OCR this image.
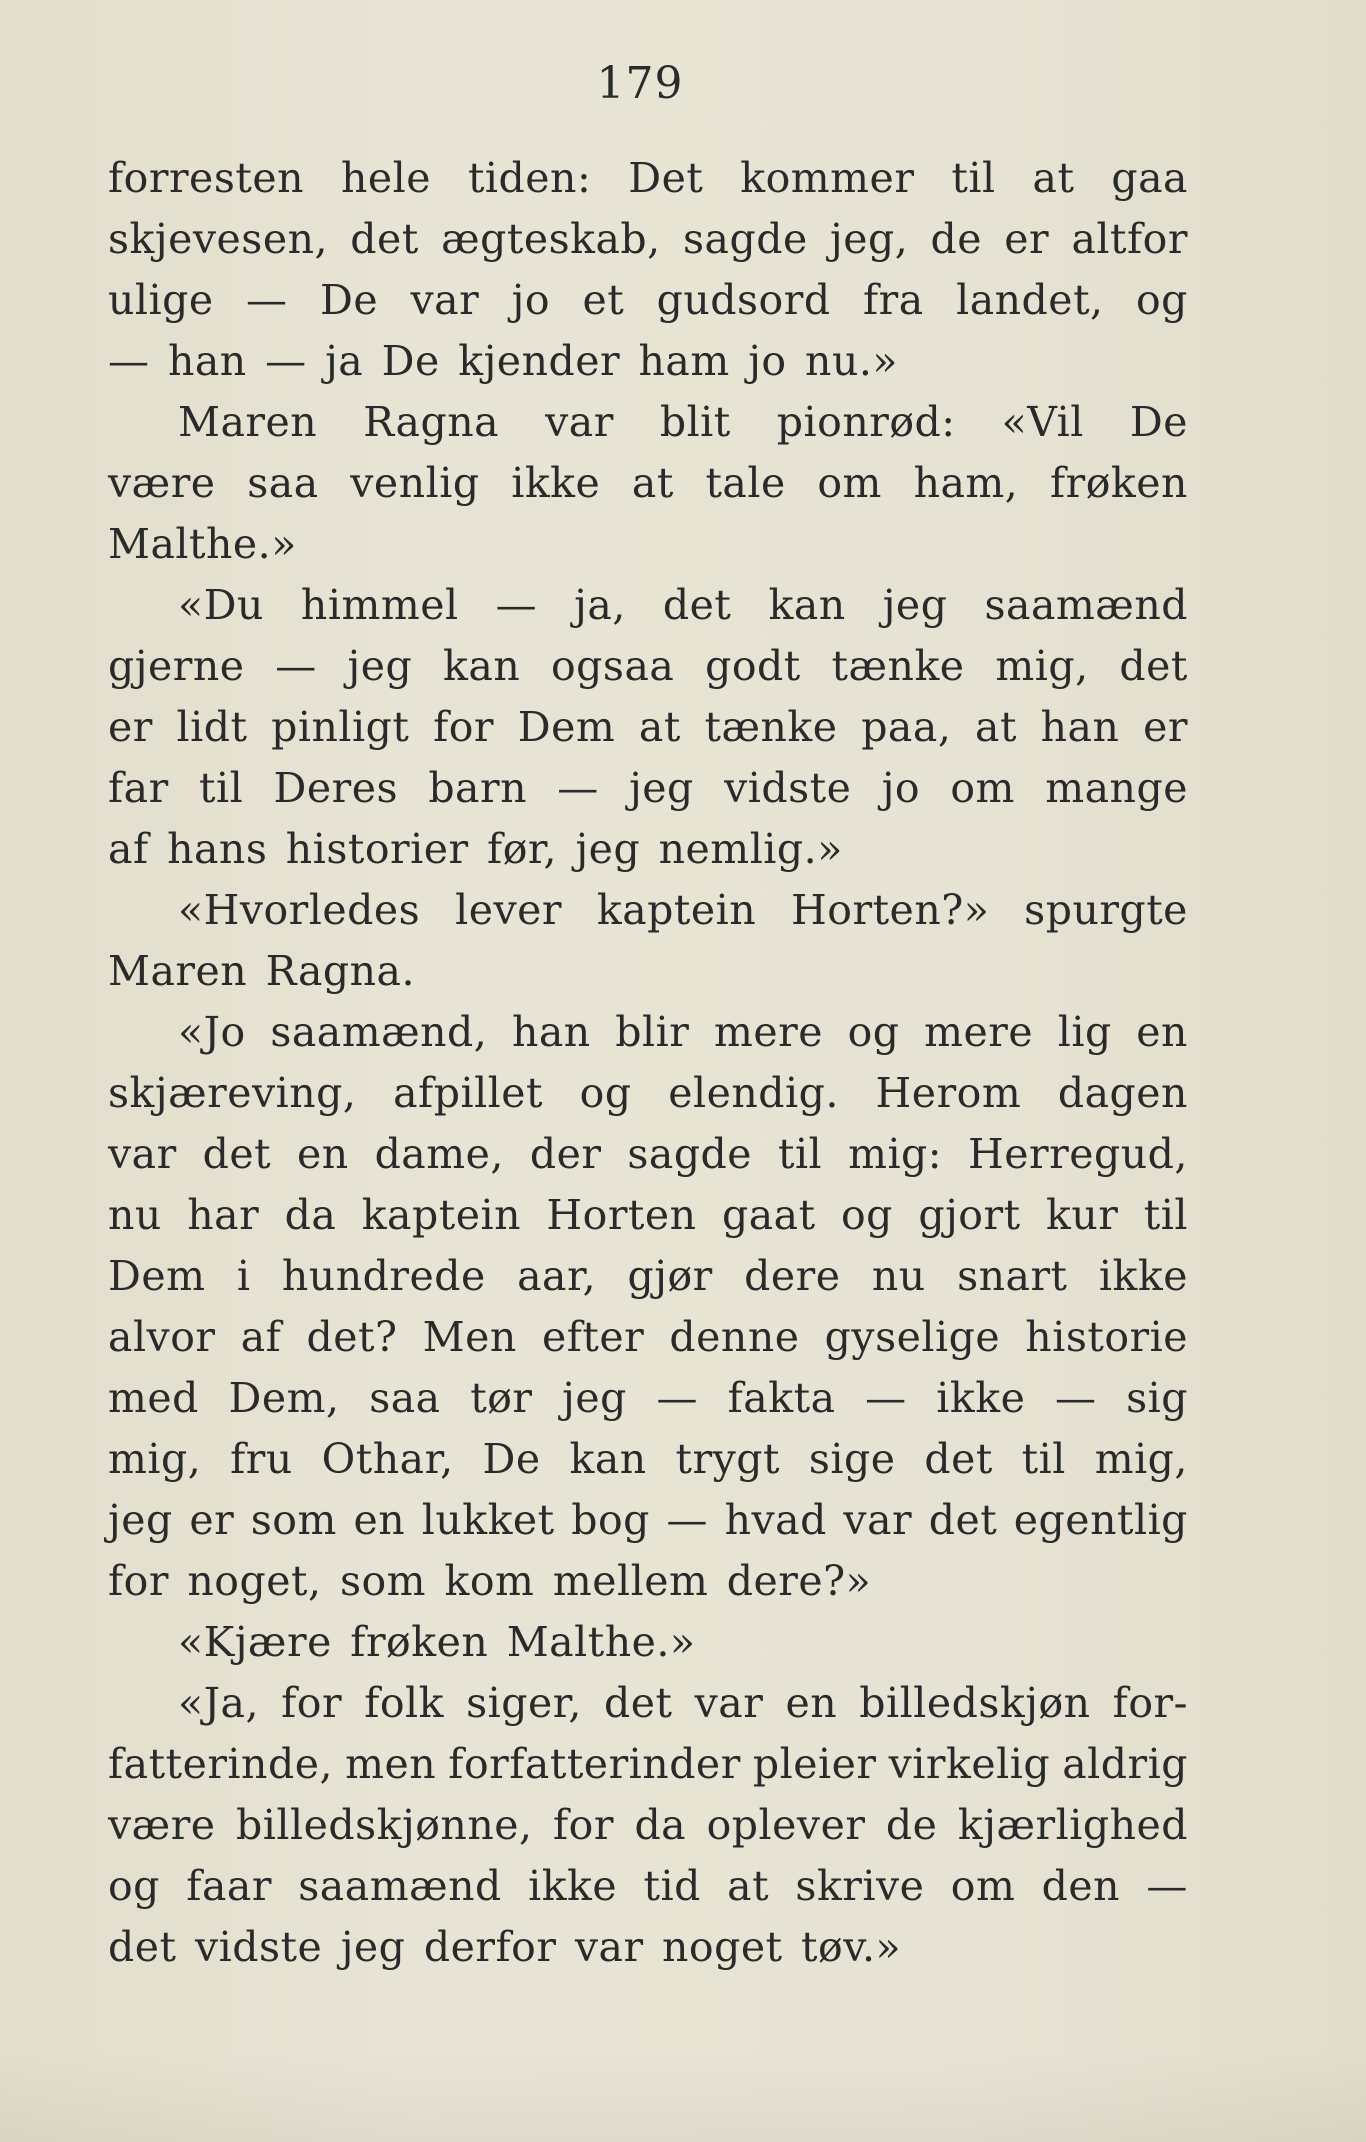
179
forresten hele tiden: Det kommer til at gaa
skjevesen, det ægteskab, sagde jeg, de er altfor
ulige — De var jo et gudsord fra landet, og
— han — ja De kjender ham jo nu.»
Maren Ragna var blit pionrød: «Vil De
være saa venlig ikke at tale om ham, frøken
Malthe.»
«Du himmel — ja, det kan jeg saamænd
gjerne — jeg kan ogsaa godt tænke mig, det
er lidt pinligt for Dem at tænke paa, at han er
far til Deres barn — jeg vidste jo om mange
af hans historier før, jeg nemlig.»
«Hvorledes lever kaptein Horten?» spurgte
Maren Ragna.
«Jo saamænd, han blir mere og mere lig en
skjæreving, afpillet og elendig. Herom dagen
var det en dame, der sagde til mig: Herregud,
nu har da kaptein Horten gaat og gjort kur til
Dem i hundrede aar, gjør dere nu snart ikke
alvor af det? Men efter denne gyselige historie
med Dem, saa tør jeg — fakta — ikke — sig
mig, fru Othar, De kan trygt sige det til mig,
jeg er som en lukket bog — hvad var det egentlig
for noget, som kom mellem dere?»
«Kjære frøken Malthe.»
«Ja, for folk siger, det var en billedskjøn for-
fatterinde, men forfatterinder pleier virkelig aldrig
være billedskjønne, for da oplever de kjærlighed
og faar saamænd ikke tid at skrive om den —
det vidste jeg derfor var noget tøv.»
